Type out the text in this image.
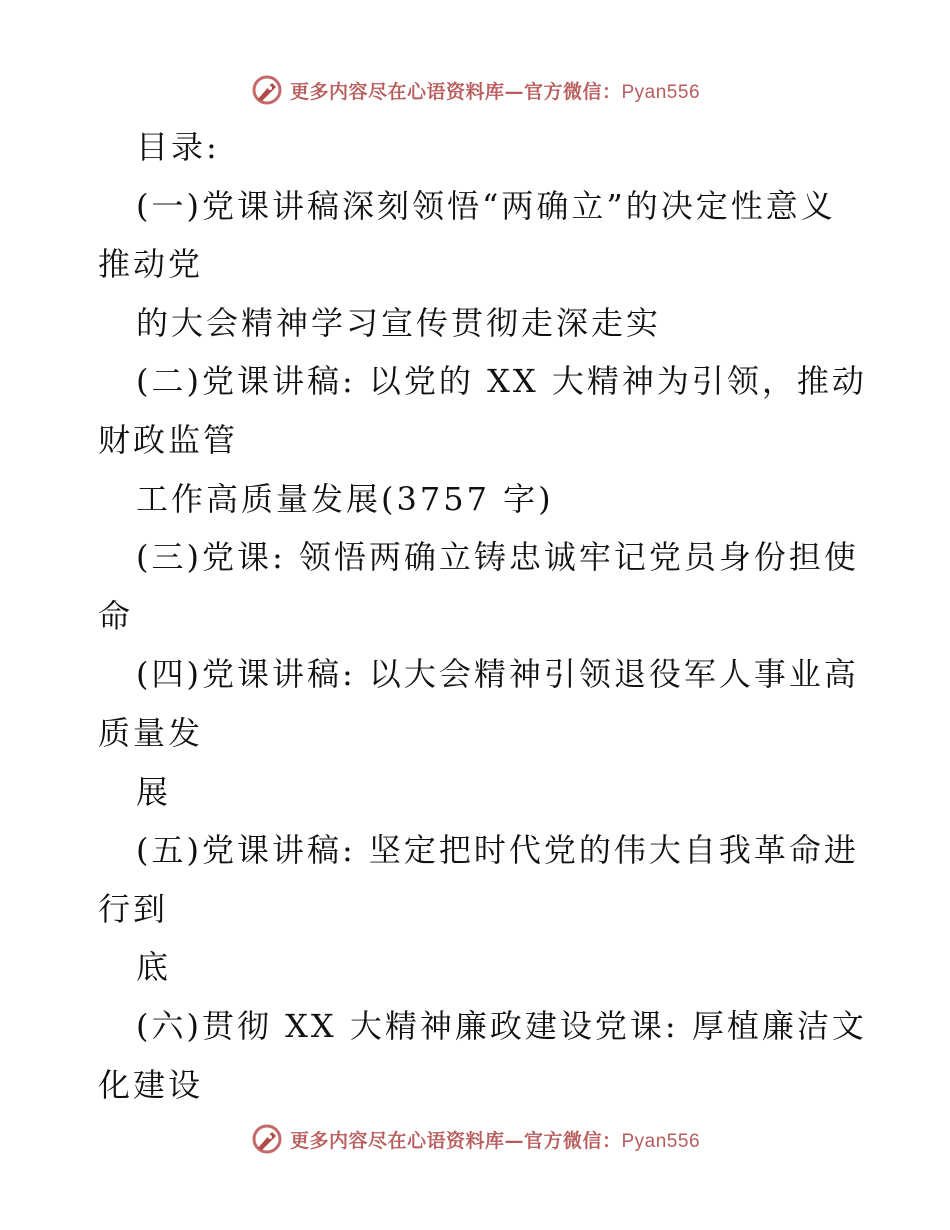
更多内容尽在心语资料库—官方微信：Pyan556
目录:
(一)党课讲稿深刻领悟“两确立”的决定性意义
推动党
的大会精神学习宣传贯彻走深走实
(二)党课讲稿: 以党的 XX 大精神为引领，推动
财政监管
工作高质量发展(3757 字)
(三)党课: 领悟两确立铸忠诚牢记党员身份担使
命
(四)党课讲稿: 以大会精神引领退役军人事业高
质量发
展
(五)党课讲稿: 坚定把时代党的伟大自我革命进
行到
底
(六)贯彻 XX 大精神廉政建设党课: 厚植廉洁文
化建设
更多内容尽在心语资料库—官方微信：Pyan556
